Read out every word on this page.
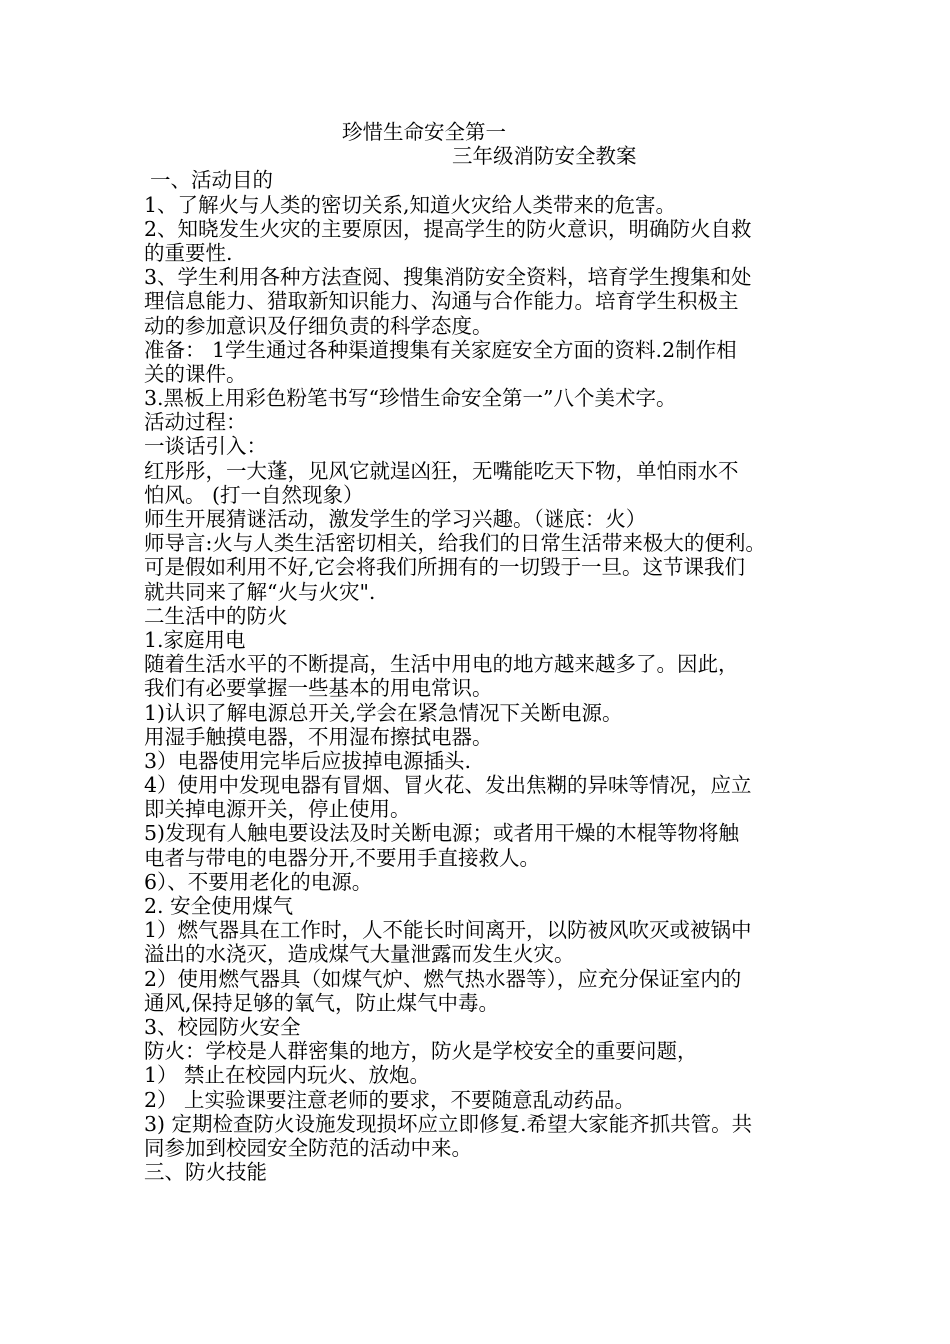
珍惜生命安全第一
三年级消防安全教案
一、活动目的
1、了解火与人类的密切关系,知道火灾给人类带来的危害。
2、知晓发生火灾的主要原因，提高学生的防火意识，明确防火自救
的重要性.
3、学生利用各种方法查阅、搜集消防安全资料，培育学生搜集和处
理信息能力、猎取新知识能力、沟通与合作能力。培育学生积极主
动的参加意识及仔细负责的科学态度。
准备： 1学生通过各种渠道搜集有关家庭安全方面的资料.2制作相
关的课件。
3.黑板上用彩色粉笔书写“珍惜生命安全第一”八个美术字。
活动过程：
一谈话引入：
红彤彤，一大蓬，见风它就逞凶狂，无嘴能吃天下物，单怕雨水不
怕风。 (打一自然现象）
师生开展猜谜活动，激发学生的学习兴趣。（谜底：火）
师导言:火与人类生活密切相关，给我们的日常生活带来极大的便利。
可是假如利用不好,它会将我们所拥有的一切毁于一旦。这节课我们
就共同来了解“火与火灾".
二生活中的防火
1.家庭用电
随着生活水平的不断提高，生活中用电的地方越来越多了。因此，
我们有必要掌握一些基本的用电常识。
1)认识了解电源总开关,学会在紧急情况下关断电源。
用湿手触摸电器，不用湿布擦拭电器。
3）电器使用完毕后应拔掉电源插头.
4）使用中发现电器有冒烟、冒火花、发出焦糊的异味等情况，应立
即关掉电源开关，停止使用。
5)发现有人触电要设法及时关断电源；或者用干燥的木棍等物将触
电者与带电的电器分开,不要用手直接救人。
6）、不要用老化的电源。
2. 安全使用煤气
1）燃气器具在工作时，人不能长时间离开，以防被风吹灭或被锅中
溢出的水浇灭，造成煤气大量泄露而发生火灾。
2）使用燃气器具（如煤气炉、燃气热水器等），应充分保证室内的
通风,保持足够的氧气，防止煤气中毒。
3、校园防火安全
防火：学校是人群密集的地方，防火是学校安全的重要问题，
1） 禁止在校园内玩火、放炮。
2） 上实验课要注意老师的要求，不要随意乱动药品。
3) 定期检查防火设施发现损坏应立即修复.希望大家能齐抓共管。共
同参加到校园安全防范的活动中来。
三、防火技能
